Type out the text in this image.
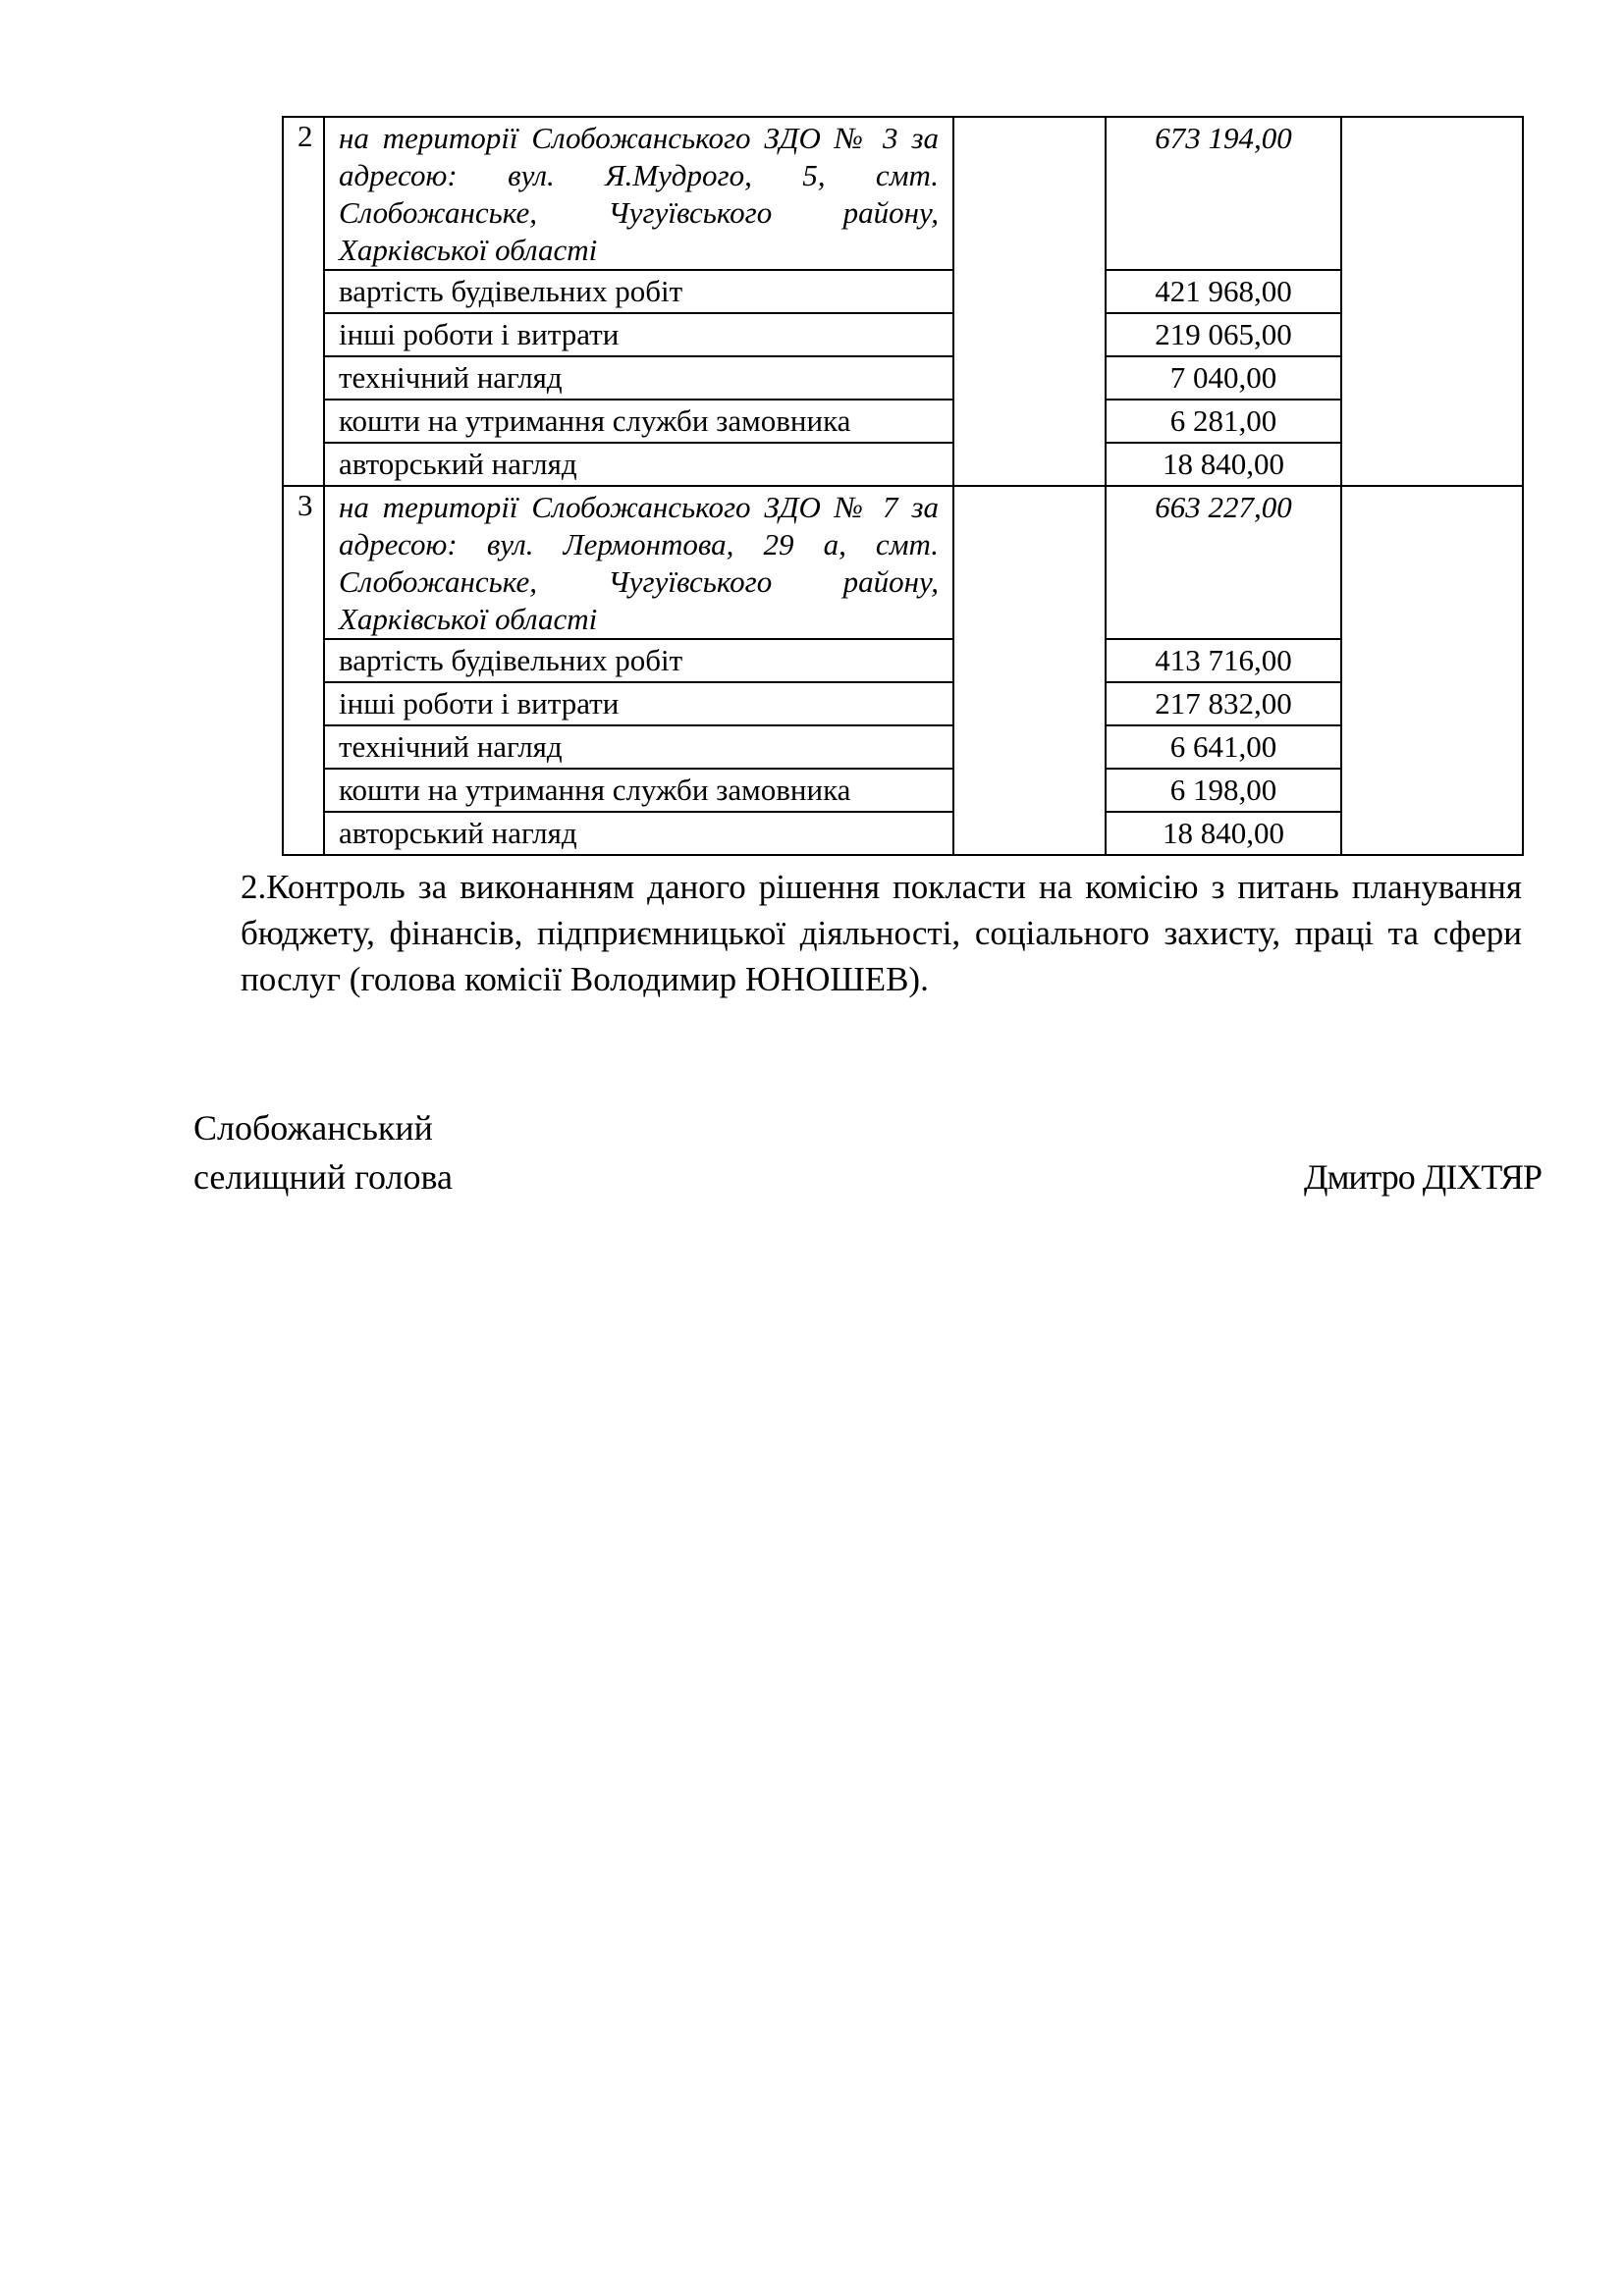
2	на території Слобожанського ЗДО № 3 за адресою: вул. Я.Мудрого, 5, смт. Слобожанське, Чугуївського району, Харківської області		673 194,00	
	вартість будівельних робіт		421 968,00	
	інші роботи і витрати		219 065,00	
	технічний нагляд		7 040,00	
	кошти на утримання служби замовника		6 281,00	
	авторський нагляд		18 840,00	
3	на території Слобожанського ЗДО № 7 за адресою: вул. Лермонтова, 29 а, смт. Слобожанське, Чугуївського району, Харківської області		663 227,00	
	вартість будівельних робіт		413 716,00	
	інші роботи і витрати		217 832,00	
	технічний нагляд		6 641,00	
	кошти на утримання служби замовника		6 198,00	
	авторський нагляд		18 840,00	

2.Контроль за виконанням даного рішення покласти на комісію з питань планування бюджету, фінансів, підприємницької діяльності, соціального захисту, праці та сфери послуг (голова комісії Володимир ЮНОШЕВ).

Слобожанський
селищний голова	Дмитро ДІХТЯР
